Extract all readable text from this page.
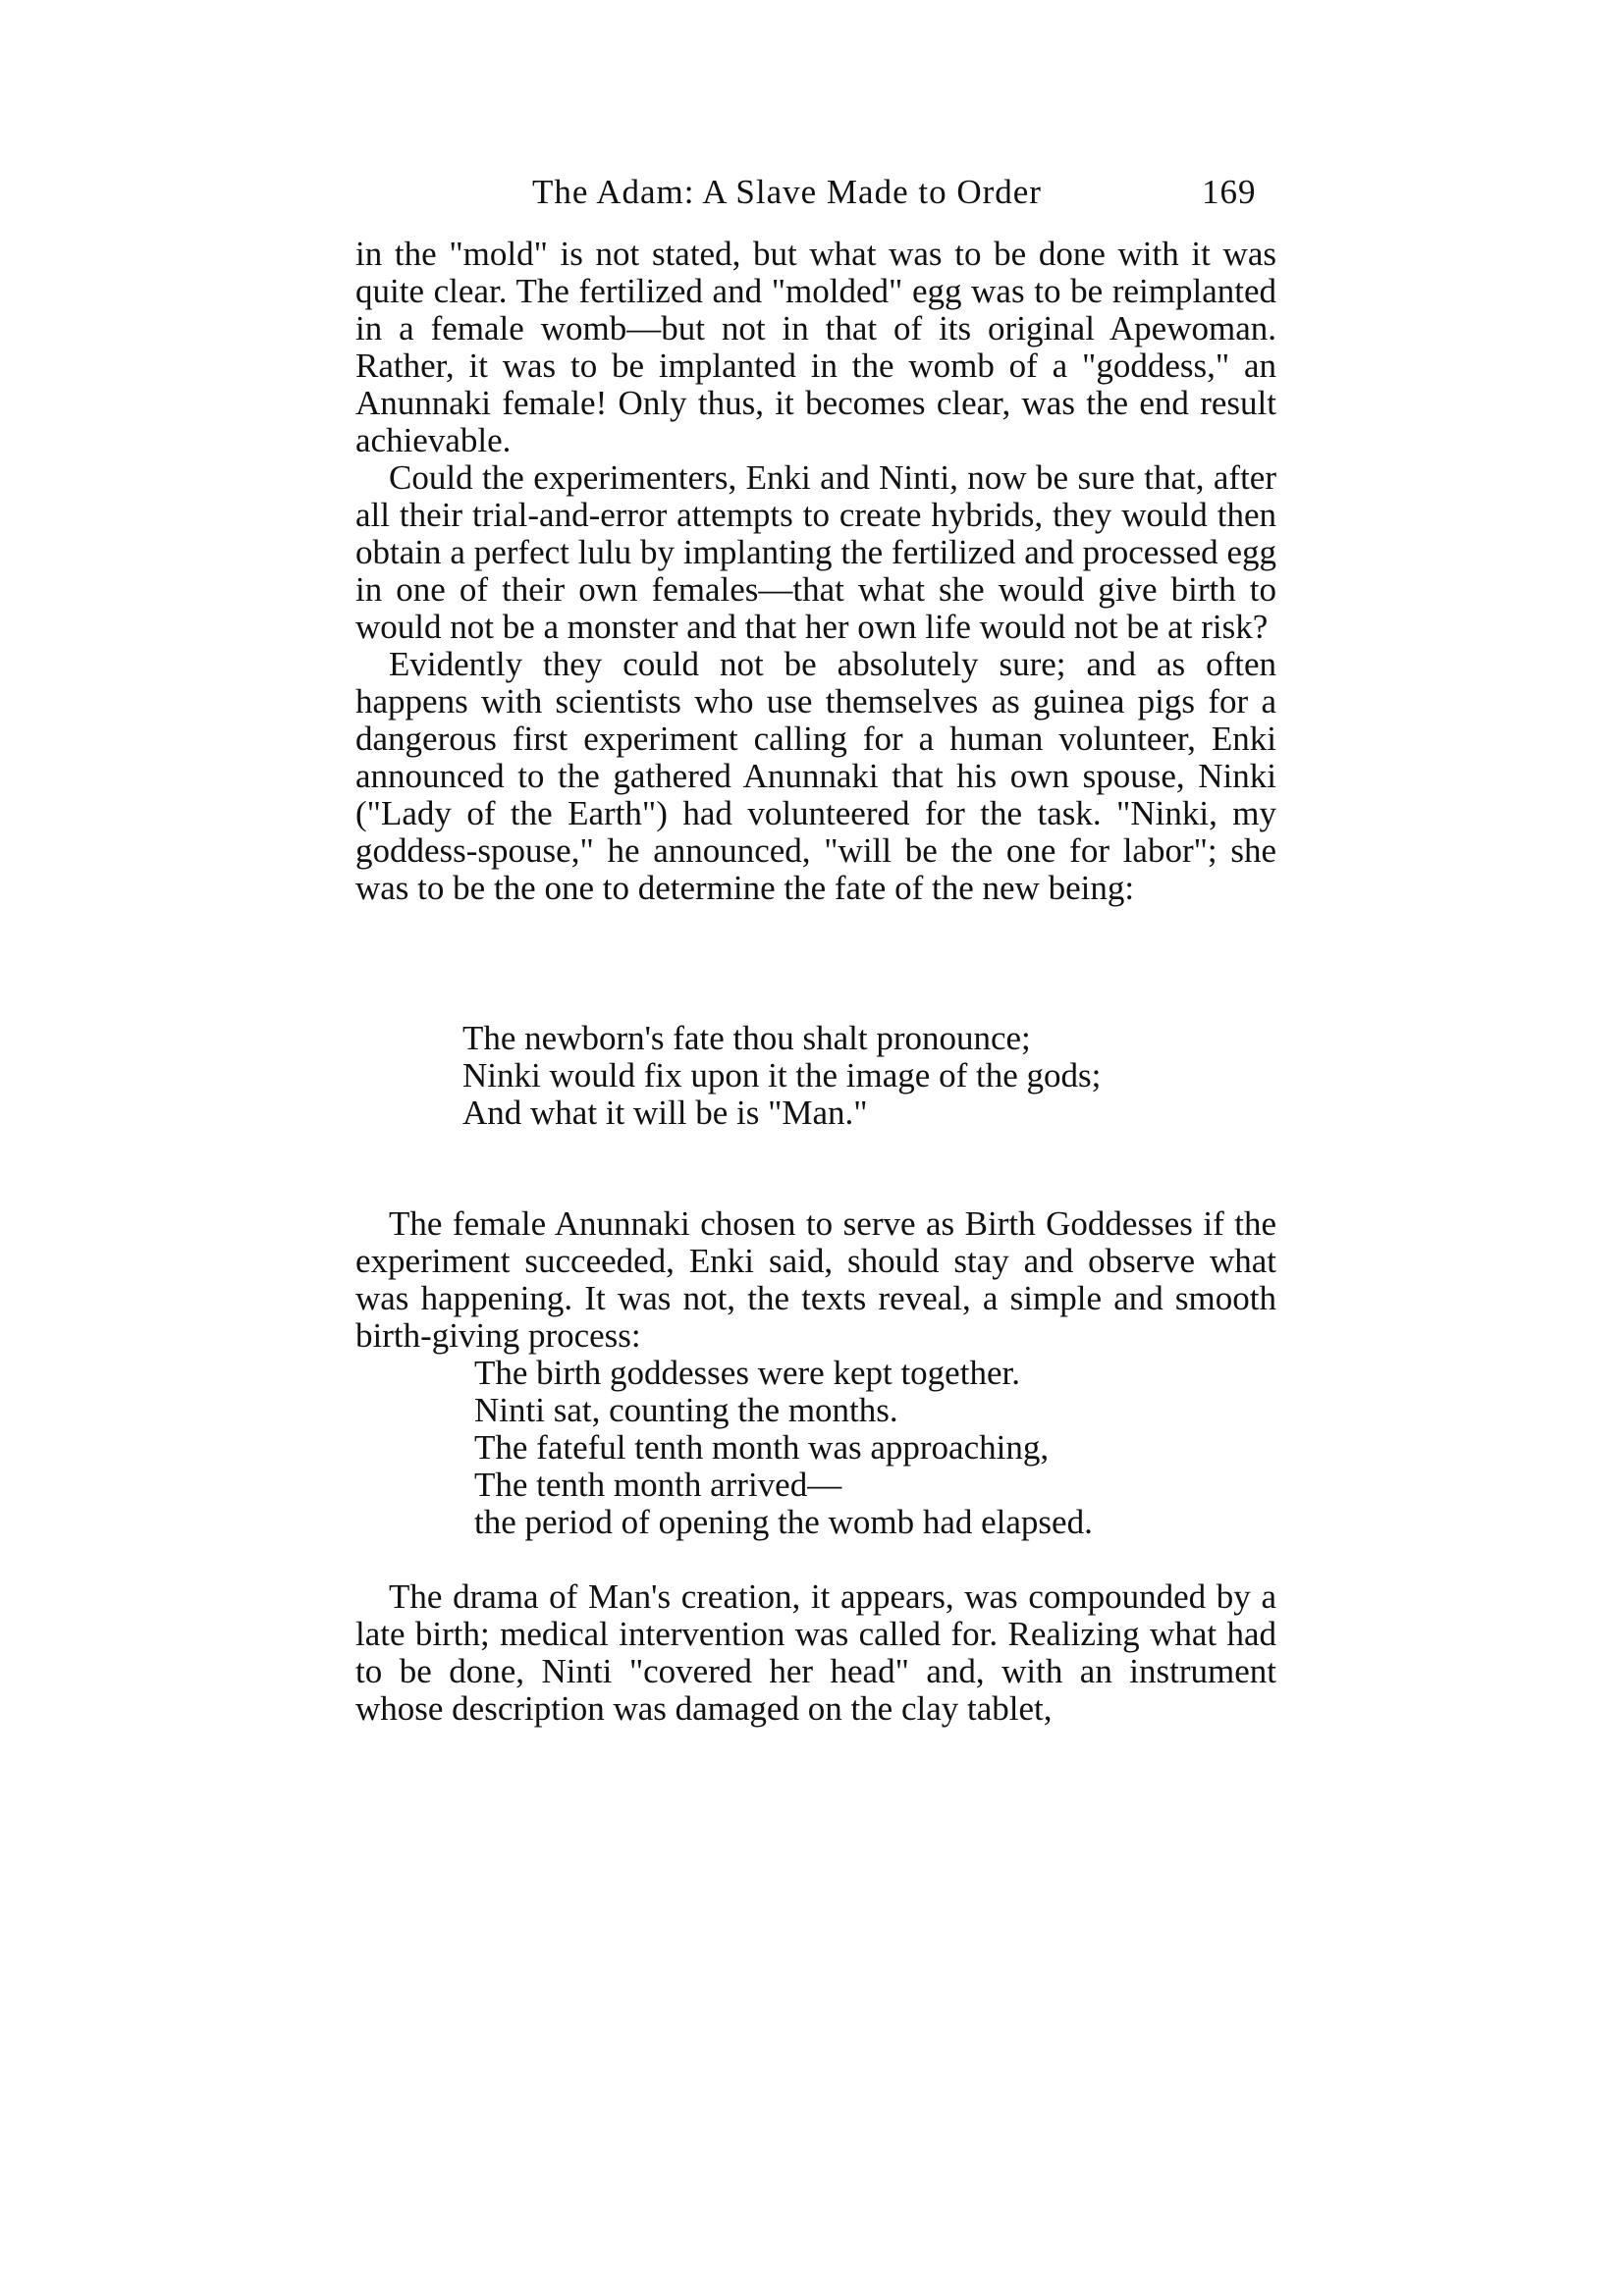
The Adam: A Slave Made to Order	169

in the "mold" is not stated, but what was to be done with it was quite clear. The fertilized and "molded" egg was to be reimplanted in a female womb—but not in that of its original Apewoman. Rather, it was to be implanted in the womb of a "goddess," an Anunnaki female! Only thus, it becomes clear, was the end result achievable.

Could the experimenters, Enki and Ninti, now be sure that, after all their trial-and-error attempts to create hybrids, they would then obtain a perfect lulu by implanting the fertilized and processed egg in one of their own females—that what she would give birth to would not be a monster and that her own life would not be at risk?

Evidently they could not be absolutely sure; and as often happens with scientists who use themselves as guinea pigs for a dangerous first experiment calling for a human volunteer, Enki announced to the gathered Anunnaki that his own spouse, Ninki ("Lady of the Earth") had volunteered for the task. "Ninki, my goddess-spouse," he announced, "will be the one for labor"; she was to be the one to determine the fate of the new being:

The newborn's fate thou shalt pronounce;
Ninki would fix upon it the image of the gods;
And what it will be is "Man."

The female Anunnaki chosen to serve as Birth Goddesses if the experiment succeeded, Enki said, should stay and observe what was happening. It was not, the texts reveal, a simple and smooth birth-giving process:

The birth goddesses were kept together.
Ninti sat, counting the months.
The fateful tenth month was approaching,
The tenth month arrived—
the period of opening the womb had elapsed.

The drama of Man's creation, it appears, was compounded by a late birth; medical intervention was called for. Realizing what had to be done, Ninti "covered her head" and, with an instrument whose description was damaged on the clay tablet,
